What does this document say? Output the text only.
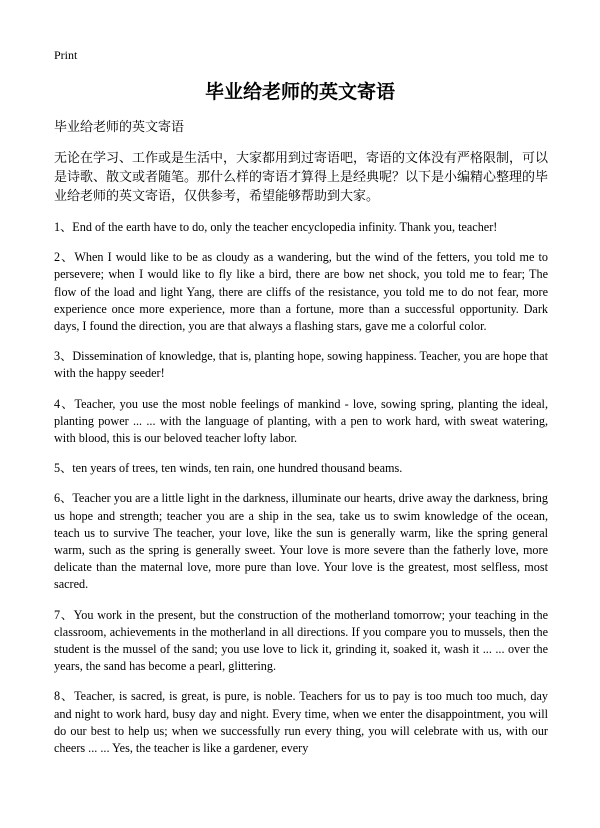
Print
毕业给老师的英文寄语
毕业给老师的英文寄语
无论在学习、工作或是生活中，大家都用到过寄语吧，寄语的文体没有严格限制，可以是诗歌、散文或者随笔。那什么样的寄语才算得上是经典呢？以下是小编精心整理的毕业给老师的英文寄语，仅供参考，希望能够帮助到大家。

1、End of the earth have to do, only the teacher encyclopedia infinity. Thank you, teacher!

2、When I would like to be as cloudy as a wandering, but the wind of the fetters, you told me to persevere; when I would like to fly like a bird, there are bow net shock, you told me to fear; The flow of the load and light Yang, there are cliffs of the resistance, you told me to do not fear, more experience once more experience, more than a fortune, more than a successful opportunity. Dark days, I found the direction, you are that always a flashing stars, gave me a colorful color.

3、Dissemination of knowledge, that is, planting hope, sowing happiness. Teacher, you are hope that with the happy seeder!

4、Teacher, you use the most noble feelings of mankind - love, sowing spring, planting the ideal, planting power ... ... with the language of planting, with a pen to work hard, with sweat watering, with blood, this is our beloved teacher lofty labor.

5、ten years of trees, ten winds, ten rain, one hundred thousand beams.

6、Teacher you are a little light in the darkness, illuminate our hearts, drive away the darkness, bring us hope and strength; teacher you are a ship in the sea, take us to swim knowledge of the ocean, teach us to survive The teacher, your love, like the sun is generally warm, like the spring general warm, such as the spring is generally sweet. Your love is more severe than the fatherly love, more delicate than the maternal love, more pure than love. Your love is the greatest, most selfless, most sacred.

7、You work in the present, but the construction of the motherland tomorrow; your teaching in the classroom, achievements in the motherland in all directions. If you compare you to mussels, then the student is the mussel of the sand; you use love to lick it, grinding it, soaked it, wash it ... ... over the years, the sand has become a pearl, glittering.

8、Teacher, is sacred, is great, is pure, is noble. Teachers for us to pay is too much too much, day and night to work hard, busy day and night. Every time, when we enter the disappointment, you will do our best to help us; when we successfully run every thing, you will celebrate with us, with our cheers ... ... Yes, the teacher is like a gardener, every
